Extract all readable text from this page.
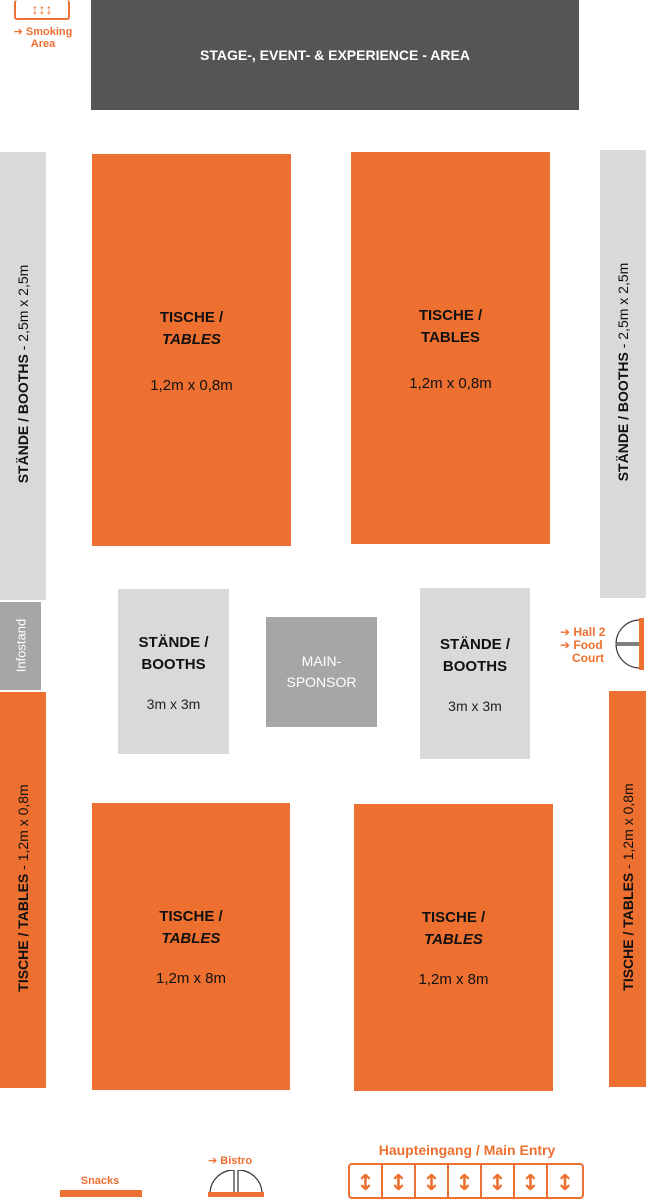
↕↕↕
➔ Smoking
Area
STAGE-, EVENT- & EXPERIENCE - AREA
STÄNDE / BOOTHS - 2,5m x 2,5m
STÄNDE / BOOTHS - 2,5m x 2,5m
TISCHE /
TABLES
1,2m x 0,8m
TISCHE /
TABLES
1,2m x 0,8m
Infostand	STÄNDE /
BOOTHS
3m x 3m
MAIN-
SPONSOR
STÄNDE /
BOOTHS
3m x 3m
➔ Hall 2
➔ Food
Court
TISCHE / TABLES - 1,2m x 0,8m
TISCHE / TABLES - 1,2m x 0,8m
TISCHE /
TABLES
1,2m x 8m
TISCHE /
TABLES
1,2m x 8m
Snacks
➔ Bistro
Haupteingang / Main Entry
↕ ↕ ↕ ↕ ↕ ↕ ↕
